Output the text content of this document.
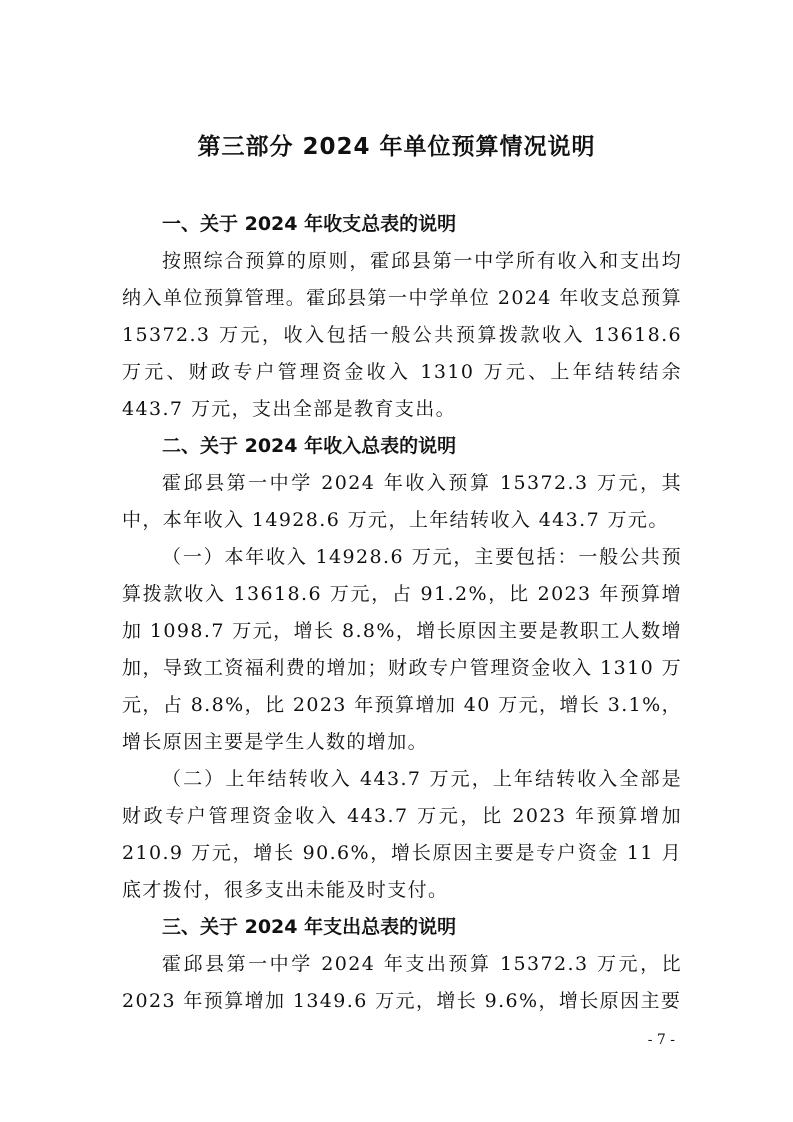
第三部分 2024 年单位预算情况说明
一、关于 2024 年收支总表的说明

按照综合预算的原则，霍邱县第一中学所有收入和支出均纳入单位预算管理。霍邱县第一中学单位 2024 年收支总预算 15372.3 万元，收入包括一般公共预算拨款收入 13618.6 万元、财政专户管理资金收入 1310 万元、上年结转结余 443.7 万元，支出全部是教育支出。

二、关于 2024 年收入总表的说明

霍邱县第一中学 2024 年收入预算 15372.3 万元，其中，本年收入 14928.6 万元，上年结转收入 443.7 万元。

（一）本年收入 14928.6 万元，主要包括：一般公共预算拨款收入 13618.6 万元，占 91.2%，比 2023 年预算增加 1098.7 万元，增长 8.8%，增长原因主要是教职工人数增加，导致工资福利费的增加；财政专户管理资金收入 1310 万元，占 8.8%，比 2023 年预算增加 40 万元，增长 3.1%，增长原因主要是学生人数的增加。

（二）上年结转收入 443.7 万元，上年结转收入全部是财政专户管理资金收入 443.7 万元，比 2023 年预算增加 210.9 万元，增长 90.6%，增长原因主要是专户资金 11 月底才拨付，很多支出未能及时支付。

三、关于 2024 年支出总表的说明

霍邱县第一中学 2024 年支出预算 15372.3 万元，比 2023 年预算增加 1349.6 万元，增长 9.6%，增长原因主要

- 7 -
